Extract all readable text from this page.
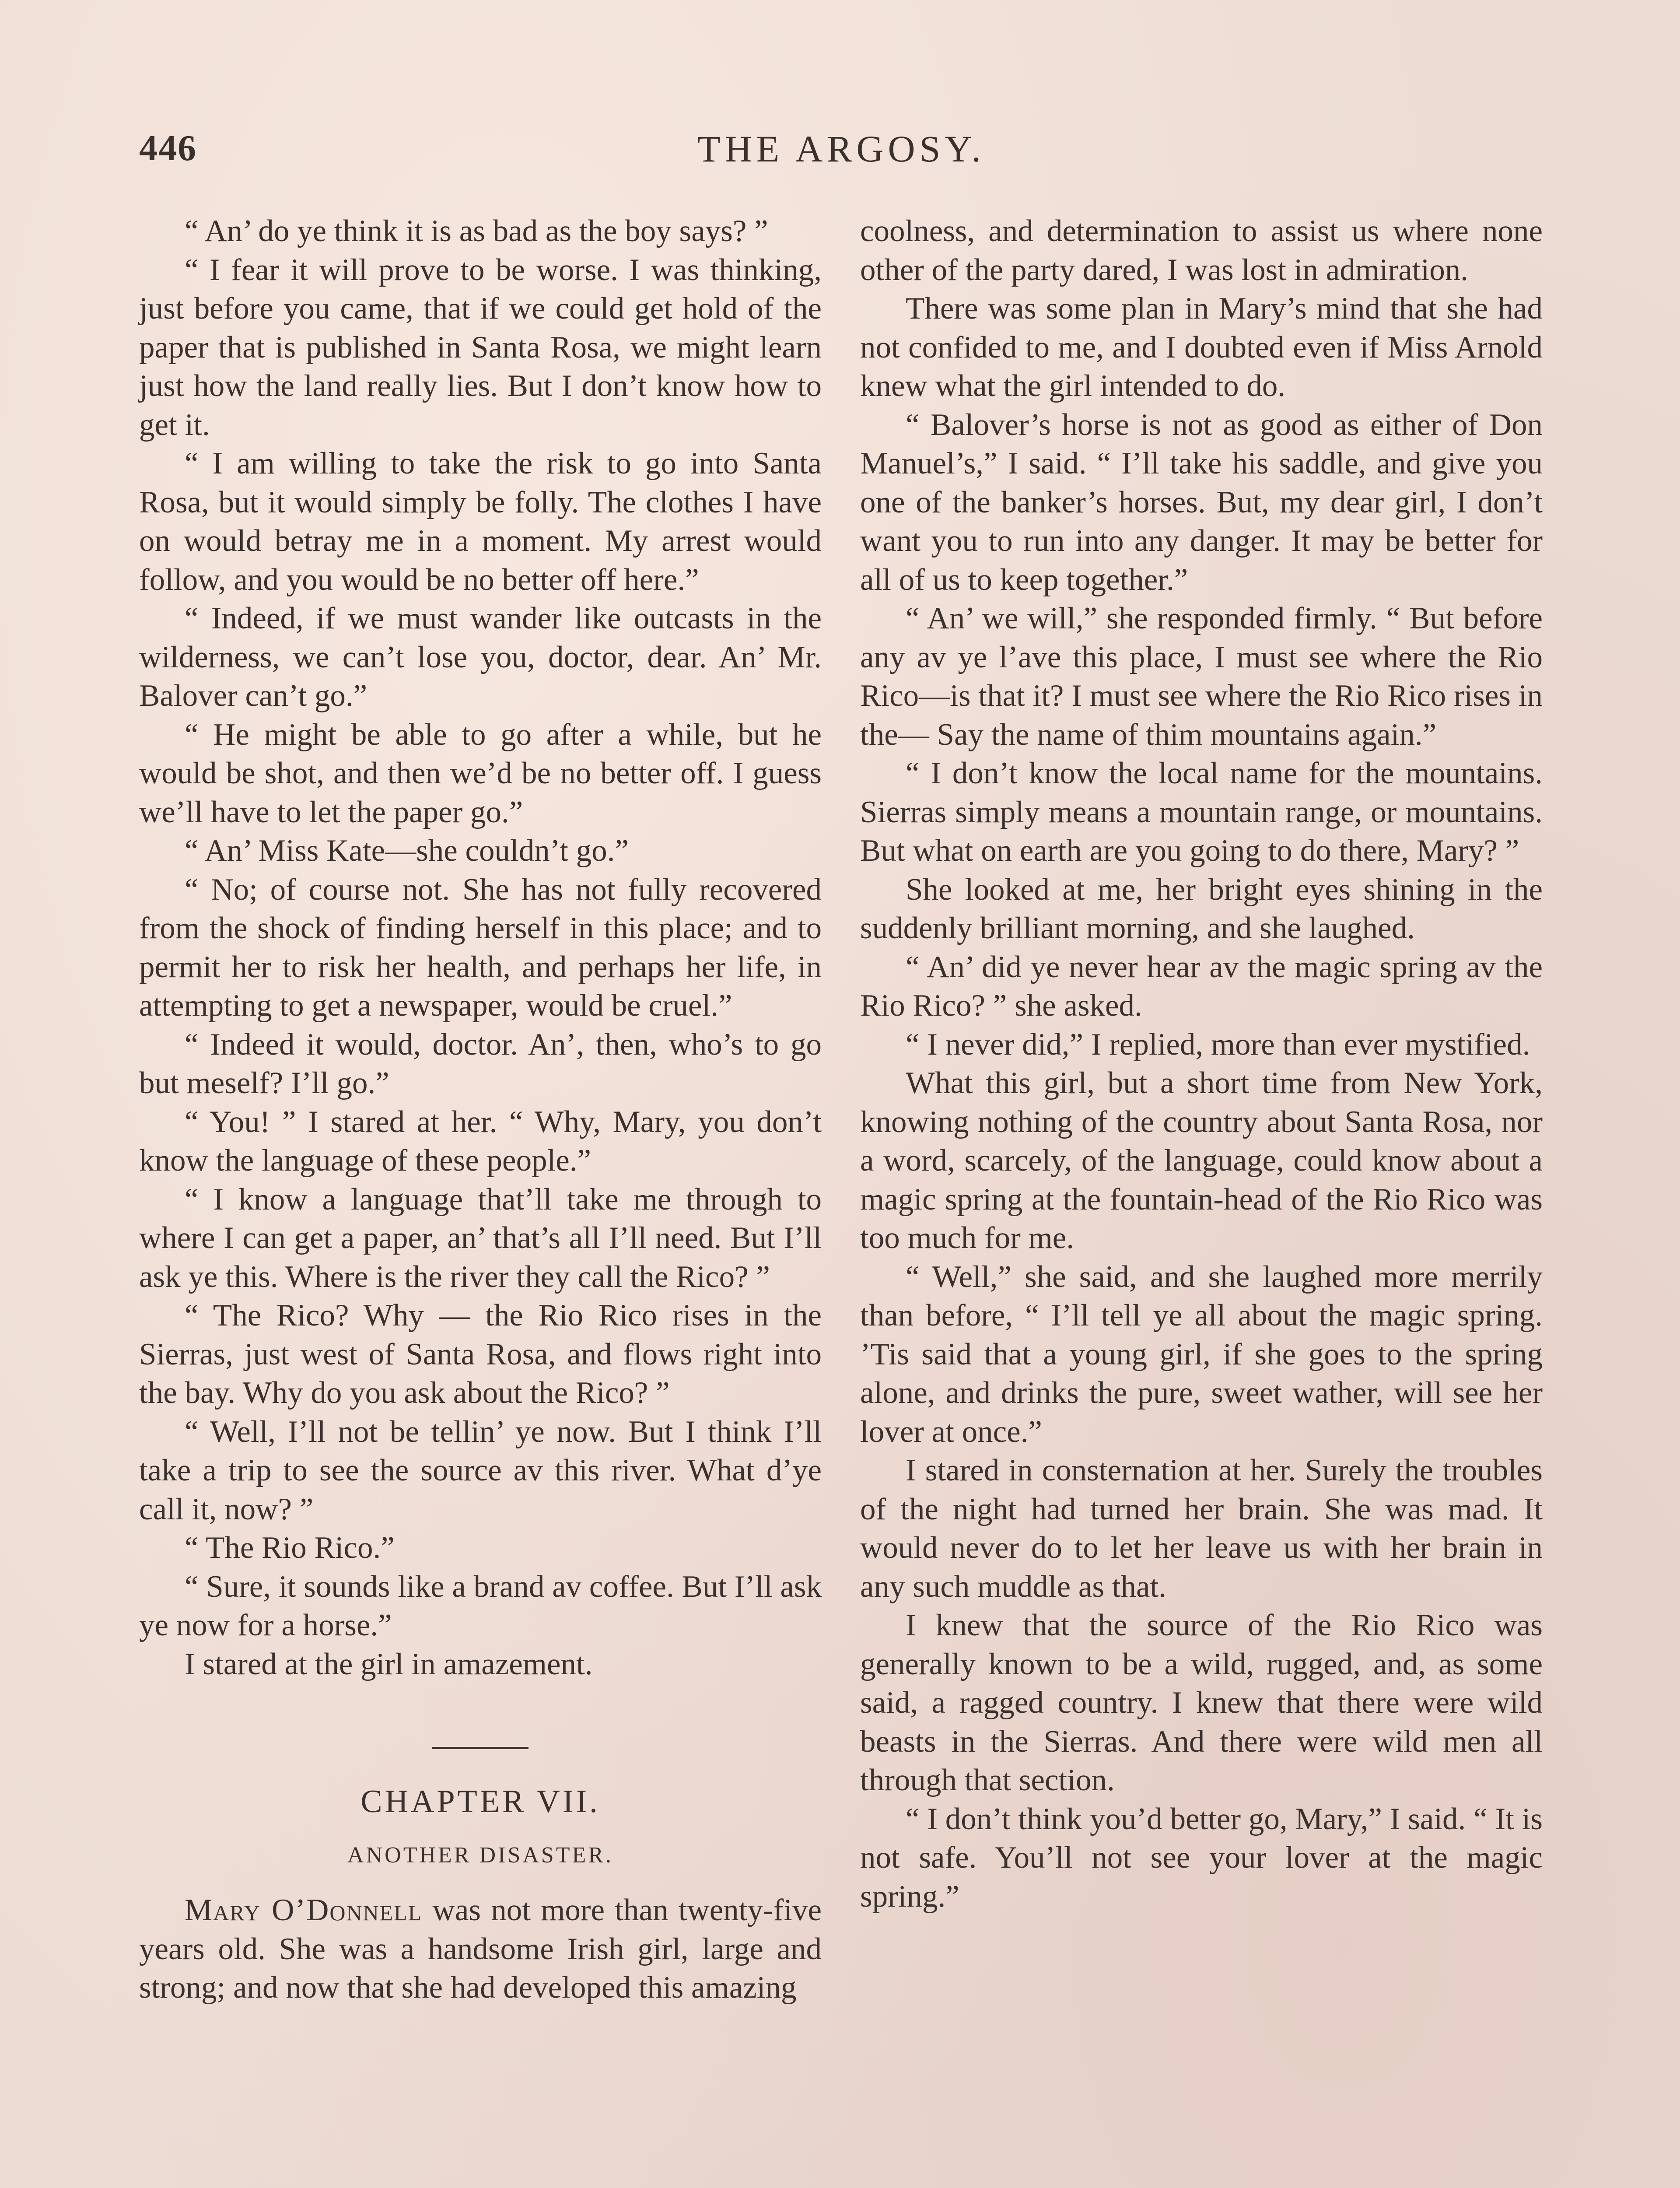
446	THE ARGOSY.

“ An’ do ye think it is as bad as the boy says? ”

“ I fear it will prove to be worse. I was thinking, just before you came, that if we could get hold of the paper that is published in Santa Rosa, we might learn just how the land really lies. But I don’t know how to get it.

“ I am willing to take the risk to go into Santa Rosa, but it would simply be folly. The clothes I have on would betray me in a moment. My arrest would follow, and you would be no better off here.”

“ Indeed, if we must wander like outcasts in the wilderness, we can’t lose you, doctor, dear. An’ Mr. Balover can’t go.”

“ He might be able to go after a while, but he would be shot, and then we’d be no better off. I guess we’ll have to let the paper go.”

“ An’ Miss Kate—she couldn’t go.”

“ No; of course not. She has not fully recovered from the shock of finding herself in this place; and to permit her to risk her health, and perhaps her life, in attempting to get a newspaper, would be cruel.”

“ Indeed it would, doctor. An’, then, who’s to go but meself? I’ll go.”

“ You! ” I stared at her. “ Why, Mary, you don’t know the language of these people.”

“ I know a language that’ll take me through to where I can get a paper, an’ that’s all I’ll need. But I’ll ask ye this. Where is the river they call the Rico? ”

“ The Rico? Why — the Rio Rico rises in the Sierras, just west of Santa Rosa, and flows right into the bay. Why do you ask about the Rico? ”

“ Well, I’ll not be tellin’ ye now. But I think I’ll take a trip to see the source av this river. What d’ye call it, now? ”

“ The Rio Rico.”

“ Sure, it sounds like a brand av coffee. But I’ll ask ye now for a horse.”

I stared at the girl in amazement.

CHAPTER VII.
ANOTHER DISASTER.

Mary O’Donnell was not more than twenty-five years old. She was a handsome Irish girl, large and strong; and now that she had developed this amazing

coolness, and determination to assist us where none other of the party dared, I was lost in admiration.

There was some plan in Mary’s mind that she had not confided to me, and I doubted even if Miss Arnold knew what the girl intended to do.

“ Balover’s horse is not as good as either of Don Manuel’s,” I said. “ I’ll take his saddle, and give you one of the banker’s horses. But, my dear girl, I don’t want you to run into any danger. It may be better for all of us to keep together.”

“ An’ we will,” she responded firmly. “ But before any av ye l’ave this place, I must see where the Rio Rico—is that it? I must see where the Rio Rico rises in the— Say the name of thim mountains again.”

“ I don’t know the local name for the mountains. Sierras simply means a mountain range, or mountains. But what on earth are you going to do there, Mary? ”

She looked at me, her bright eyes shining in the suddenly brilliant morning, and she laughed.

“ An’ did ye never hear av the magic spring av the Rio Rico? ” she asked.

“ I never did,” I replied, more than ever mystified.

What this girl, but a short time from New York, knowing nothing of the country about Santa Rosa, nor a word, scarcely, of the language, could know about a magic spring at the fountain-head of the Rio Rico was too much for me.

“ Well,” she said, and she laughed more merrily than before, “ I’ll tell ye all about the magic spring. ’Tis said that a young girl, if she goes to the spring alone, and drinks the pure, sweet wather, will see her lover at once.”

I stared in consternation at her. Surely the troubles of the night had turned her brain. She was mad. It would never do to let her leave us with her brain in any such muddle as that.

I knew that the source of the Rio Rico was generally known to be a wild, rugged, and, as some said, a ragged country. I knew that there were wild beasts in the Sierras. And there were wild men all through that section.

“ I don’t think you’d better go, Mary,” I said. “ It is not safe. You’ll not see your lover at the magic spring.”
